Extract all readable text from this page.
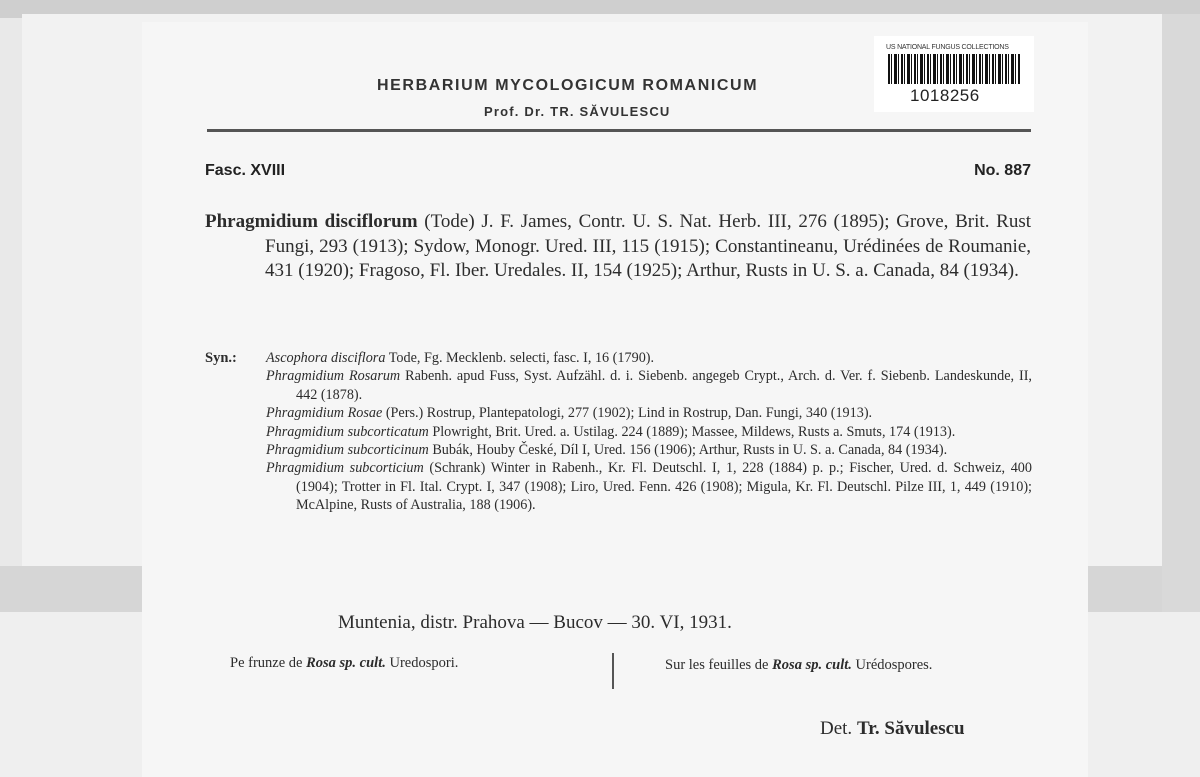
US NATIONAL FUNGUS COLLECTIONS
1018256
HERBARIUM MYCOLOGICUM ROMANICUM
Prof. Dr. TR. SĂVULESCU
Fasc. XVIII	No. 887

Phragmidium disciflorum (Tode) J. F. James, Contr. U. S. Nat. Herb. III, 276 (1895); Grove, Brit. Rust Fungi, 293 (1913); Sydow, Monogr. Ured. III, 115 (1915); Constantineanu, Urédinées de Roumanie, 431 (1920); Fragoso, Fl. Iber. Uredales. II, 154 (1925); Arthur, Rusts in U. S. a. Canada, 84 (1934).

Syn.: Ascophora disciflora Tode, Fg. Mecklenb. selecti, fasc. I, 16 (1790).

Phragmidium Rosarum Rabenh. apud Fuss, Syst. Aufzähl. d. i. Siebenb. angegeb Crypt., Arch. d. Ver. f. Siebenb. Landeskunde, II, 442 (1878).

Phragmidium Rosae (Pers.) Rostrup, Plantepatologi, 277 (1902); Lind in Rostrup, Dan. Fungi, 340 (1913).

Phragmidium subcorticatum Plowright, Brit. Ured. a. Ustilag. 224 (1889); Massee, Mildews, Rusts a. Smuts, 174 (1913).

Phragmidium subcorticinum Bubák, Houby České, Díl I, Ured. 156 (1906); Arthur, Rusts in U. S. a. Canada, 84 (1934).

Phragmidium subcorticium (Schrank) Winter in Rabenh., Kr. Fl. Deutschl. I, 1, 228 (1884) p. p.; Fischer, Ured. d. Schweiz, 400 (1904); Trotter in Fl. Ital. Crypt. I, 347 (1908); Liro, Ured. Fenn. 426 (1908); Migula, Kr. Fl. Deutschl. Pilze III, 1, 449 (1910); McAlpine, Rusts of Australia, 188 (1906).

Muntenia, distr. Prahova — Bucov — 30. VI, 1931.
Pe frunze de Rosa sp. cult. Uredospori.	Sur les feuilles de Rosa sp. cult. Urédospores.
Det. Tr. Săvulescu
